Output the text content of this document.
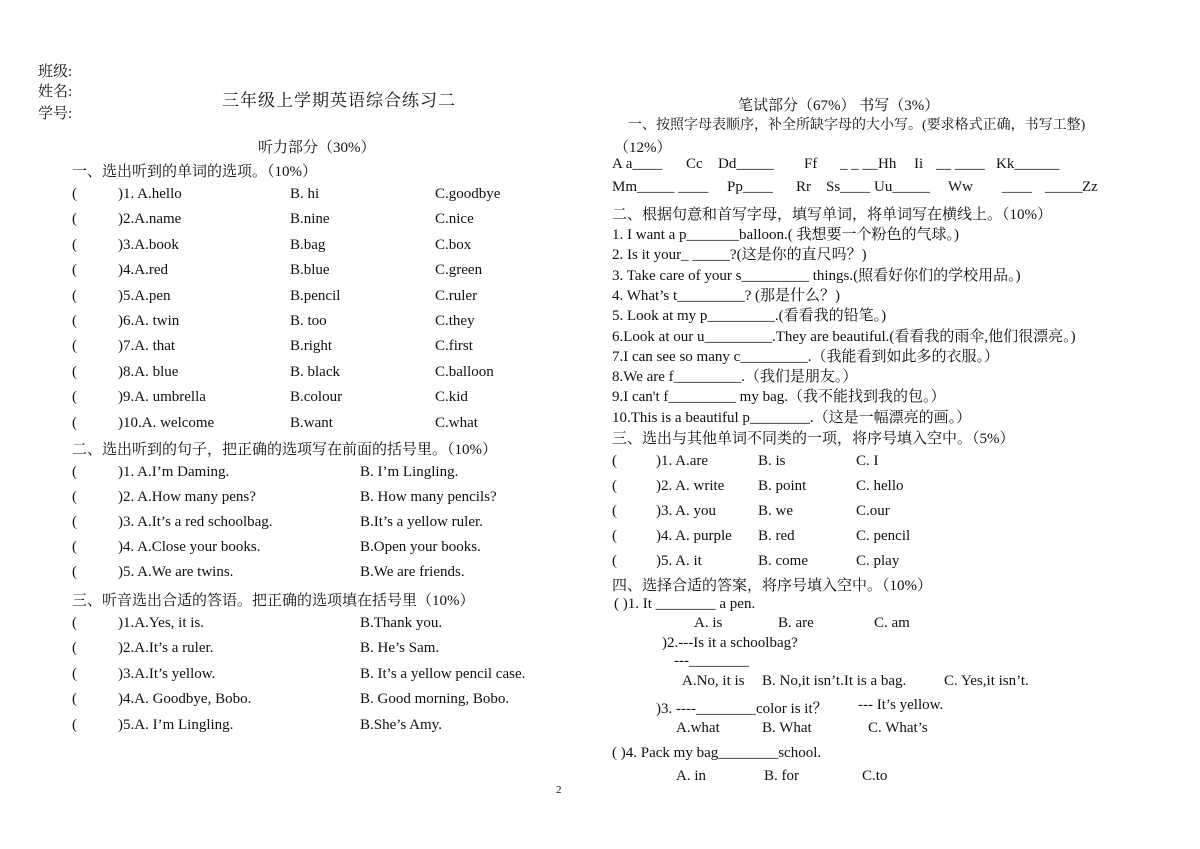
班级:
姓名:
学号:
三年级上学期英语综合练习二
听力部分（30%）
一、选出听到的单词的选项。（10%）
(	)1. A.hello	B. hi	C.goodbye
(	)2.A.name	B.nine	C.nice
(	)3.A.book	B.bag	C.box
(	)4.A.red	B.blue	C.green
(	)5.A.pen	B.pencil	C.ruler
(	)6.A. twin	B. too	C.they
(	)7.A. that	B.right	C.first
(	)8.A. blue	B. black	C.balloon
(	)9.A. umbrella	B.colour	C.kid
(	)10.A. welcome	B.want	C.what
二、选出听到的句子，把正确的选项写在前面的括号里。（10%）
(	)1. A.I’m Daming.	B. I’m Lingling.
(	)2. A.How many pens?	B. How many pencils?
(	)3. A.It’s a red schoolbag.	B.It’s a yellow ruler.
(	)4. A.Close your books.	B.Open your books.
(	)5. A.We are twins.	B.We are friends.
三、听音选出合适的答语。把正确的选项填在括号里（10%）
(	)1.A.Yes, it is.	B.Thank you.
(	)2.A.It’s a ruler.	B. He’s Sam.
(	)3.A.It’s yellow.	B. It’s a yellow pencil case.
(	)4.A. Goodbye, Bobo.	B. Good morning, Bobo.
(	)5.A. I’m Lingling.	B.She’s Amy.
笔试部分（67%） 书写（3%）
一、按照字母表顺序，补全所缺字母的大小写。(要求格式正确，书写工整)
（12%）
A a____ Cc Dd_____ Ff _ _ __ Hh Ii __ ____ Kk______
Mm_____ ____ Pp____ Rr Ss____ Uu_____ Ww ____ _____ Zz
二、根据句意和首写字母，填写单词，将单词写在横线上。（10%）
1. I want a p_______balloon.( 我想要一个粉色的气球。)
2. Is it your_ _____?(这是你的直尺吗？)
3. Take care of your s_________ things.(照看好你们的学校用品。)
4. What’s t_________? (那是什么？)
5. Look at my p_________.(看看我的铅笔。)
6.Look at our u_________.They are beautiful.(看看我的雨伞,他们很漂亮。)
7.I can see so many c_________.（我能看到如此多的衣服。）
8.We are f_________.（我们是朋友。）
9.I can't f_________ my bag.（我不能找到我的包。）
10.This is a beautiful p________.（这是一幅漂亮的画。）
三、选出与其他单词不同类的一项，将序号填入空中。（5%）
(	)1. A.are	B. is	C. I
(	)2. A. write B. point	C. hello
(	)3. A. you	B. we	C.our
(	)4. A. purple B. red	C. pencil
(	)5. A. it	B. come	C. play
四、选择合适的答案，将序号填入空中。（10%）
( )1. It ________ a pen.
A. is	B. are	C. am
)2.---Is it a schoolbag?
---________
A.No, it is B. No,it isn’t.It is a bag.	C. Yes,it isn’t.
)3. ----________color is it？ --- It’s yellow.
A.what	B. What	C. What’s
( )4. Pack my bag________school.
A. in	B. for	C.to
2
